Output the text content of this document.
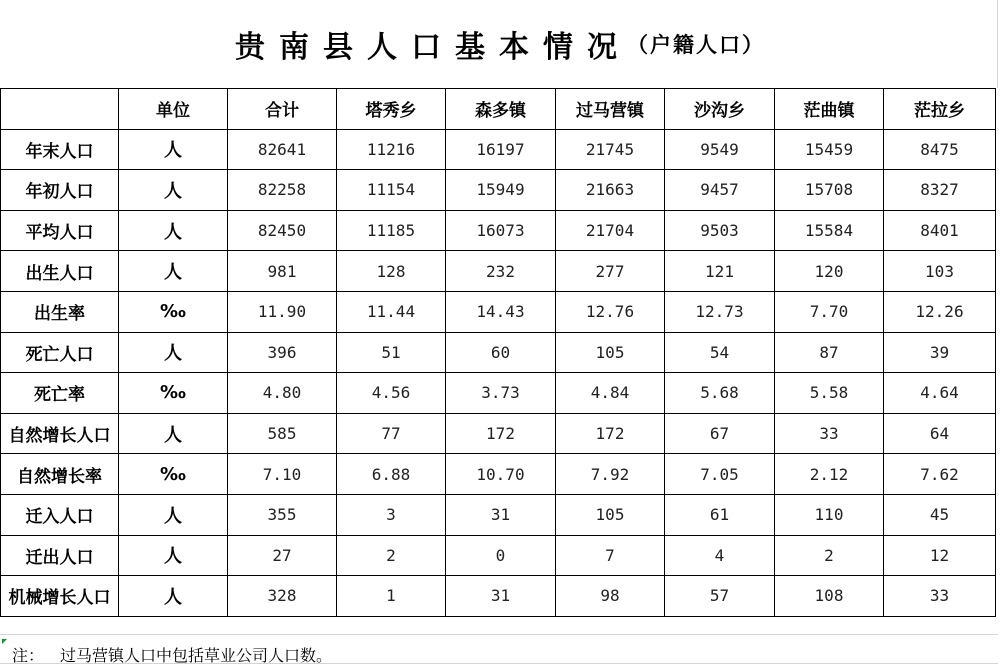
贵南县人口基本情况
（户籍人口）
	单位	合计	塔秀乡	森多镇	过马营镇	沙沟乡	茫曲镇	茫拉乡
年末人口	人	82641	11216	16197	21745	9549	15459	8475
年初人口	人	82258	11154	15949	21663	9457	15708	8327
平均人口	人	82450	11185	16073	21704	9503	15584	8401
出生人口	人	981	128	232	277	121	120	103
出生率	‰	11.90	11.44	14.43	12.76	12.73	7.70	12.26
死亡人口	人	396	51	60	105	54	87	39
死亡率	‰	4.80	4.56	3.73	4.84	5.68	5.58	4.64
自然增长人口	人	585	77	172	172	67	33	64
自然增长率	‰	7.10	6.88	10.70	7.92	7.05	2.12	7.62
迁入人口	人	355	3	31	105	61	110	45
迁出人口	人	27	2	0	7	4	2	12
机械增长人口	人	328	1	31	98	57	108	33
注： 过马营镇人口中包括草业公司人口数。
